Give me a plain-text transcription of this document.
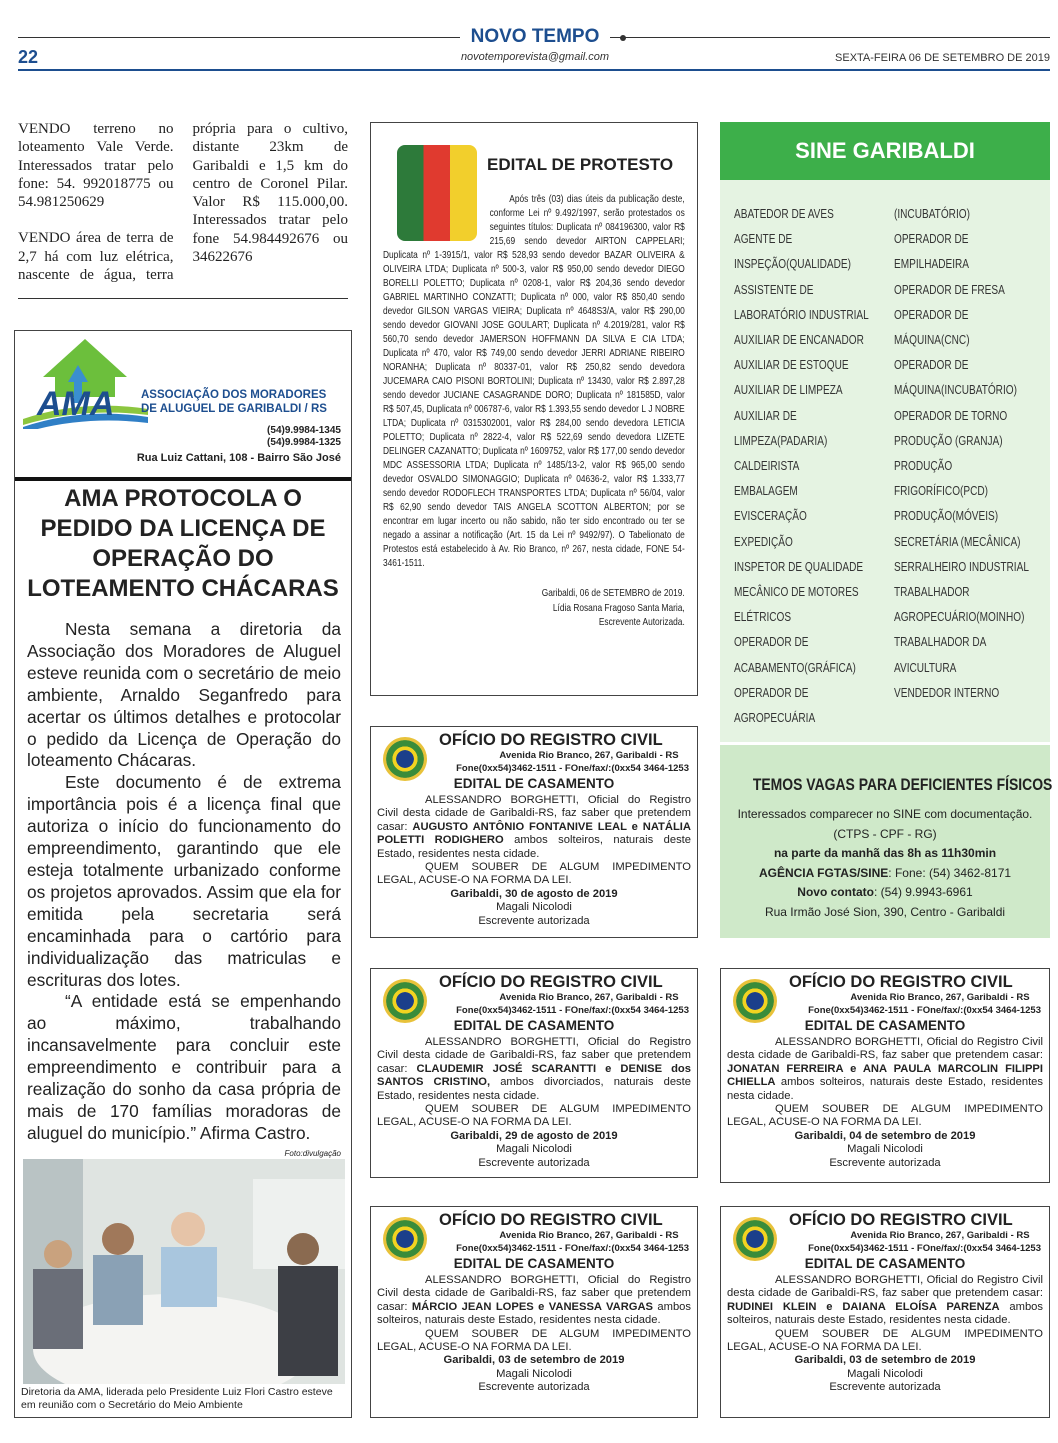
NOVO TEMPO
novotemporevista@gmail.com
22	SEXTA-FEIRA 06 DE SETEMBRO DE 2019

VENDO terreno no loteamento Vale Verde. Interessados tratar pelo fone: 54. 992018775 ou 54.981250629

VENDO área de terra de 2,7 há com luz elétrica, nascente de água, terra própria para o cultivo, distante 23km de Garibaldi e 1,5 km do centro de Coronel Pilar. Valor R$ 115.000,00. Interessados tratar pelo fone 54.984492676 ou 34622676

AMA ASSOCIAÇÃO DOS MORADORES
DE ALUGUEL DE GARIBALDI / RS
(54)9.9984-1345
(54)9.9984-1325
Rua Luiz Cattani, 108 - Bairro São José
AMA PROTOCOLA O PEDIDO DA LICENÇA DE OPERAÇÃO DO LOTEAMENTO CHÁCARAS

Nesta semana a diretoria da Associação dos Moradores de Aluguel esteve reunida com o secretário de meio ambiente, Arnaldo Seganfredo para acertar os últimos detalhes e protocolar o pedido da Licença de Operação do loteamento Chácaras.

Este documento é de extrema importância pois é a licença final que autoriza o início do funcionamento do empreendimento, garantindo que ele esteja totalmente urbanizado conforme os projetos aprovados. Assim que ela for emitida pela secretaria será encaminhada para o cartório para individualização das matriculas e escrituras dos lotes.

“A entidade está se empenhando ao máximo, trabalhando incansavelmente para concluir este empreendimento e contribuir para a realização do sonho da casa própria de mais de 170 famílias moradoras de aluguel do município.” Afirma Castro.

Foto:divulgação
Diretoria da AMA, liderada pelo Presidente Luiz Flori Castro esteve em reunião com o Secretário do Meio Ambiente
EDITAL DE PROTESTO
Após três (03) dias úteis da publicação deste, conforme Lei nº 9.492/1997, serão protestados os seguintes títulos: Duplicata nº 084196300, valor R$ 215,69 sendo devedor AIRTON CAPPELARI; Duplicata nº 1-3915/1, valor R$ 528,93 sendo devedor BAZAR OLIVEIRA & OLIVEIRA LTDA; Duplicata nº 500-3, valor R$ 950,00 sendo devedor DIEGO BORELLI POLETTO; Duplicata nº 0208-1, valor R$ 204,36 sendo devedor GABRIEL MARTINHO CONZATTI; Duplicata nº 000, valor R$ 850,40 sendo devedor GILSON VARGAS VIEIRA; Duplicata nº 4648S3/A, valor R$ 290,00 sendo devedor GIOVANI JOSE GOULART; Duplicata nº 4.2019/281, valor R$ 560,70 sendo devedor JAMERSON HOFFMANN DA SILVA E CIA LTDA; Duplicata nº 470, valor R$ 749,00 sendo devedor JERRI ADRIANE RIBEIRO NORANHA; Duplicata nº 80337-01, valor R$ 250,82 sendo devedora JUCEMARA CAIO PISONI BORTOLINI; Duplicata nº 13430, valor R$ 2.897,28 sendo devedor JUCIANE CASAGRANDE DORO; Duplicata nº 181585D, valor R$ 507,45, Duplicata nº 006787-6, valor R$ 1.393,55 sendo devedor L J NOBRE LTDA; Duplicata nº 0315302001, valor R$ 284,00 sendo devedora LETICIA POLETTO; Duplicata nº 2822-4, valor R$ 522,69 sendo devedora LIZETE DELINGER CAZANATTO; Duplicata nº 1609752, valor R$ 177,00 sendo devedor MDC ASSESSORIA LTDA; Duplicata nº 1485/13-2, valor R$ 965,00 sendo devedor OSVALDO SIMONAGGIO; Duplicata nº 04636-2, valor R$ 1.333,77 sendo devedor RODOFLECH TRANSPORTES LTDA; Duplicata nº 56/04, valor R$ 62,90 sendo devedor TAIS ANGELA SCOTTON ALBERTON; por se encontrar em lugar incerto ou não sabido, não ter sido encontrado ou ter se negado a assinar a notificação (Art. 15 da Lei nº 9492/97). O Tabelionato de Protestos está estabelecido à Av. Rio Branco, nº 267, nesta cidade, FONE 54-3461-1511.
Garibaldi, 06 de SETEMBRO de 2019.
Lídia Rosana Fragoso Santa Maria,
Escrevente Autorizada.
OFÍCIO DO REGISTRO CIVIL
Avenida Rio Branco, 267, Garibaldi - RS
Fone(0xx54)3462-1511 - FOne/fax/:(0xx54 3464-1253
EDITAL DE CASAMENTO
ALESSANDRO BORGHETTI, Oficial do Registro Civil desta cidade de Garibaldi-RS, faz saber que pretendem casar: AUGUSTO ANTÔNIO FONTANIVE LEAL e NATÁLIA POLETTI RODIGHERO ambos solteiros, naturais deste Estado, residentes nesta cidade.
QUEM SOUBER DE ALGUM IMPEDIMENTO LEGAL, ACUSE-O NA FORMA DA LEI.
Garibaldi, 30 de agosto de 2019
Magali Nicolodi
Escrevente autorizada
OFÍCIO DO REGISTRO CIVIL
Avenida Rio Branco, 267, Garibaldi - RS
Fone(0xx54)3462-1511 - FOne/fax/:(0xx54 3464-1253
EDITAL DE CASAMENTO
ALESSANDRO BORGHETTI, Oficial do Registro Civil desta cidade de Garibaldi-RS, faz saber que pretendem casar: CLAUDEMIR JOSÉ SCARANTTI e DENISE dos SANTOS CRISTINO, ambos divorciados, naturais deste Estado, residentes nesta cidade.
QUEM SOUBER DE ALGUM IMPEDIMENTO LEGAL, ACUSE-O NA FORMA DA LEI.
Garibaldi, 29 de agosto de 2019
Magali Nicolodi
Escrevente autorizada
OFÍCIO DO REGISTRO CIVIL
Avenida Rio Branco, 267, Garibaldi - RS
Fone(0xx54)3462-1511 - FOne/fax/:(0xx54 3464-1253
EDITAL DE CASAMENTO
ALESSANDRO BORGHETTI, Oficial do Registro Civil desta cidade de Garibaldi-RS, faz saber que pretendem casar: MÁRCIO JEAN LOPES e VANESSA VARGAS ambos solteiros, naturais deste Estado, residentes nesta cidade.
QUEM SOUBER DE ALGUM IMPEDIMENTO LEGAL, ACUSE-O NA FORMA DA LEI.
Garibaldi, 03 de setembro de 2019
Magali Nicolodi
Escrevente autorizada
OFÍCIO DO REGISTRO CIVIL
Avenida Rio Branco, 267, Garibaldi - RS
Fone(0xx54)3462-1511 - FOne/fax/:(0xx54 3464-1253
EDITAL DE CASAMENTO
ALESSANDRO BORGHETTI, Oficial do Registro Civil desta cidade de Garibaldi-RS, faz saber que pretendem casar: JONATAN FERREIRA e ANA PAULA MARCOLIN FILIPPI CHIELLA ambos solteiros, naturais deste Estado, residentes nesta cidade.
QUEM SOUBER DE ALGUM IMPEDIMENTO LEGAL, ACUSE-O NA FORMA DA LEI.
Garibaldi, 04 de setembro de 2019
Magali Nicolodi
Escrevente autorizada
OFÍCIO DO REGISTRO CIVIL
Avenida Rio Branco, 267, Garibaldi - RS
Fone(0xx54)3462-1511 - FOne/fax/:(0xx54 3464-1253
EDITAL DE CASAMENTO
ALESSANDRO BORGHETTI, Oficial do Registro Civil desta cidade de Garibaldi-RS, faz saber que pretendem casar: RUDINEI KLEIN e DAIANA ELOÍSA PARENZA ambos solteiros, naturais deste Estado, residentes nesta cidade.
QUEM SOUBER DE ALGUM IMPEDIMENTO LEGAL, ACUSE-O NA FORMA DA LEI.
Garibaldi, 03 de setembro de 2019
Magali Nicolodi
Escrevente autorizada
SINE GARIBALDI
ABATEDOR DE AVES
AGENTE DE
INSPEÇÃO(QUALIDADE)
ASSISTENTE DE
LABORATÓRIO INDUSTRIAL
AUXILIAR DE ENCANADOR
AUXILIAR DE ESTOQUE
AUXILIAR DE LIMPEZA
AUXILIAR DE
LIMPEZA(PADARIA)
CALDEIRISTA
EMBALAGEM
EVISCERAÇÃO
EXPEDIÇÃO
INSPETOR DE QUALIDADE
MECÂNICO DE MOTORES
ELÉTRICOS
OPERADOR DE
ACABAMENTO(GRÁFICA)
OPERADOR DE
AGROPECUÁRIA
(INCUBATÓRIO)
OPERADOR DE
EMPILHADEIRA
OPERADOR DE FRESA
OPERADOR DE
MÁQUINA(CNC)
OPERADOR DE
MÁQUINA(INCUBATÓRIO)
OPERADOR DE TORNO
PRODUÇÃO (GRANJA)
PRODUÇÃO
FRIGORÍFICO(PCD)
PRODUÇÃO(MÓVEIS)
SECRETÁRIA (MECÂNICA)
SERRALHEIRO INDUSTRIAL
TRABALHADOR
AGROPECUÁRIO(MOINHO)
TRABALHADOR DA
AVICULTURA
VENDEDOR INTERNO
TEMOS VAGAS PARA DEFICIENTES FÍSICOS
Interessados comparecer no SINE com documentação.
(CTPS - CPF - RG)
na parte da manhã das 8h as 11h30min
AGÊNCIA FGTAS/SINE: Fone: (54) 3462-8171
Novo contato: (54) 9.9943-6961
Rua Irmão José Sion, 390, Centro - Garibaldi
